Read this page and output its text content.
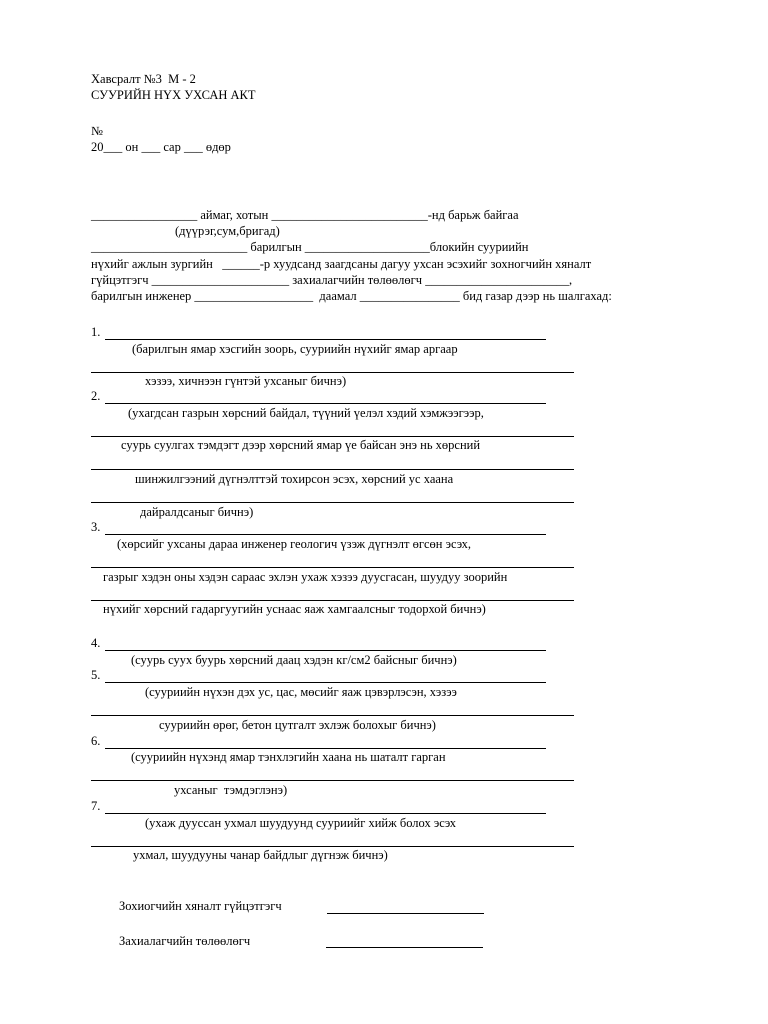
Хавсралт №3  М - 2
СУУРИЙН НҮХ УХСАН АКТ
№
20___ он ___ сар ___ өдөр
_________________ аймаг, хотын _________________________-нд барьж байгаа
(дүүрэг,сум,бригад)
_________________________ барилгын ____________________блокийн сууриийн
нүхийг ажлын зургийн   ______-р хуудсанд заагдсаны дагуу ухсан эсэхийг зохногчийн хяналт
гүйцэтгэгч ______________________ захиалагчийн төлөөлөгч _______________________,
барилгын инженер ___________________  даамал ________________ бид газар дээр нь шалгахад:
1.
(барилгын ямар хэсгийн зоорь, сууриийн нүхийг ямар аргаар
хэзээ, хичнээн гүнтэй ухсаныг бичнэ)
2.
(ухагдсан газрын хөрсний байдал, түүний үелэл хэдий хэмжээгээр,
суурь суулгах тэмдэгт дээр хөрсний ямар үе байсан энэ нь хөрсний
шинжилгээний дүгнэлттэй тохирсон эсэх, хөрсний ус хаана
дайралдсаныг бичнэ)
3.
(хөрсийг ухсаны дараа инженер геологич үзэж дүгнэлт өгсөн эсэх,
газрыг хэдэн оны хэдэн сараас эхлэн ухаж хэзээ дуусгасан, шуудуу зоорийн
нүхийг хөрсний гадаргуугийн уснаас яаж хамгаалсныг тодорхой бичнэ)
4.
(суурь суух буурь хөрсний даац хэдэн кг/см2 байсныг бичнэ)
5.
(сууриийн нүхэн дэх ус, цас, мөсийг яаж цэвэрлэсэн, хэзээ
сууриийн өрөг, бетон цутгалт эхлэж болохыг бичнэ)
6.
(сууриийн нүхэнд ямар тэнхлэгийн хаана нь шаталт гарган
ухсаныг  тэмдэглэнэ)
7.
(ухаж дууссан ухмал шуудуунд сууриийг хийж болох эсэх
ухмал, шуудууны чанар байдлыг дүгнэж бичнэ)
Зохиогчийн хяналт гүйцэтгэгч
Захиалагчийн төлөөлөгч
